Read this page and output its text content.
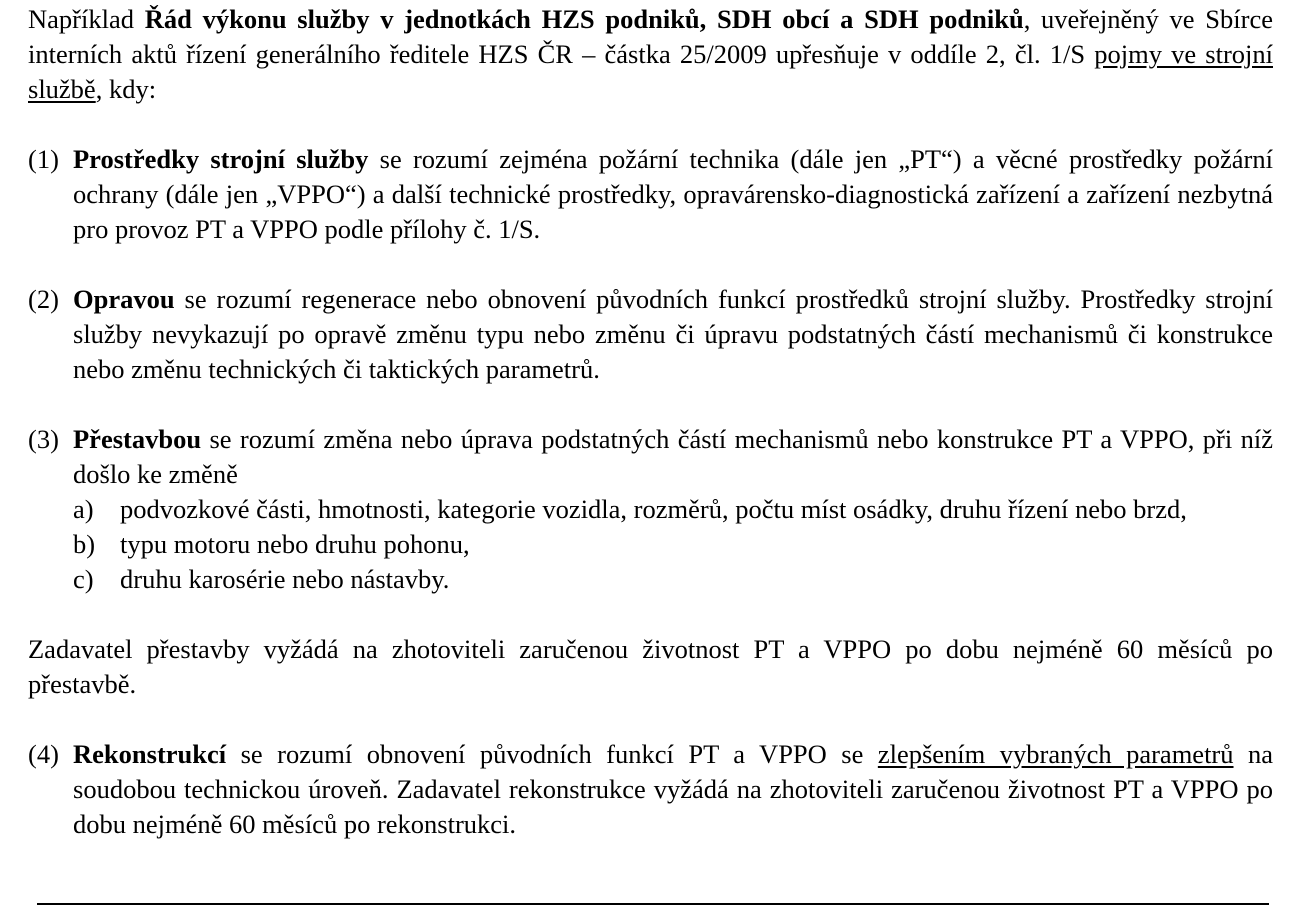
Například Řád výkonu služby v jednotkách HZS podniků, SDH obcí a SDH podniků, uveřejněný ve Sbírce interních aktů řízení generálního ředitele HZS ČR – částka 25/2009 upřesňuje v oddíle 2, čl. 1/S pojmy ve strojní službě, kdy:

(1) Prostředky strojní služby se rozumí zejména požární technika (dále jen „PT“) a věcné prostředky požární ochrany (dále jen „VPPO“) a další technické prostředky, opravárensko-diagnostická zařízení a zařízení nezbytná pro provoz PT a VPPO podle přílohy č. 1/S.

(2) Opravou se rozumí regenerace nebo obnovení původních funkcí prostředků strojní služby. Prostředky strojní služby nevykazují po opravě změnu typu nebo změnu či úpravu podstatných částí mechanismů či konstrukce nebo změnu technických či taktických parametrů.

(3) Přestavbou se rozumí změna nebo úprava podstatných částí mechanismů nebo konstrukce PT a VPPO, při níž došlo ke změně

a) podvozkové části, hmotnosti, kategorie vozidla, rozměrů, počtu míst osádky, druhu řízení nebo brzd,
b) typu motoru nebo druhu pohonu,
c) druhu karosérie nebo nástavby.

Zadavatel přestavby vyžádá na zhotoviteli zaručenou životnost PT a VPPO po dobu nejméně 60 měsíců po přestavbě.

(4) Rekonstrukcí se rozumí obnovení původních funkcí PT a VPPO se zlepšením vybraných parametrů na soudobou technickou úroveň. Zadavatel rekonstrukce vyžádá na zhotoviteli zaručenou životnost PT a VPPO po dobu nejméně 60 měsíců po rekonstrukci.
